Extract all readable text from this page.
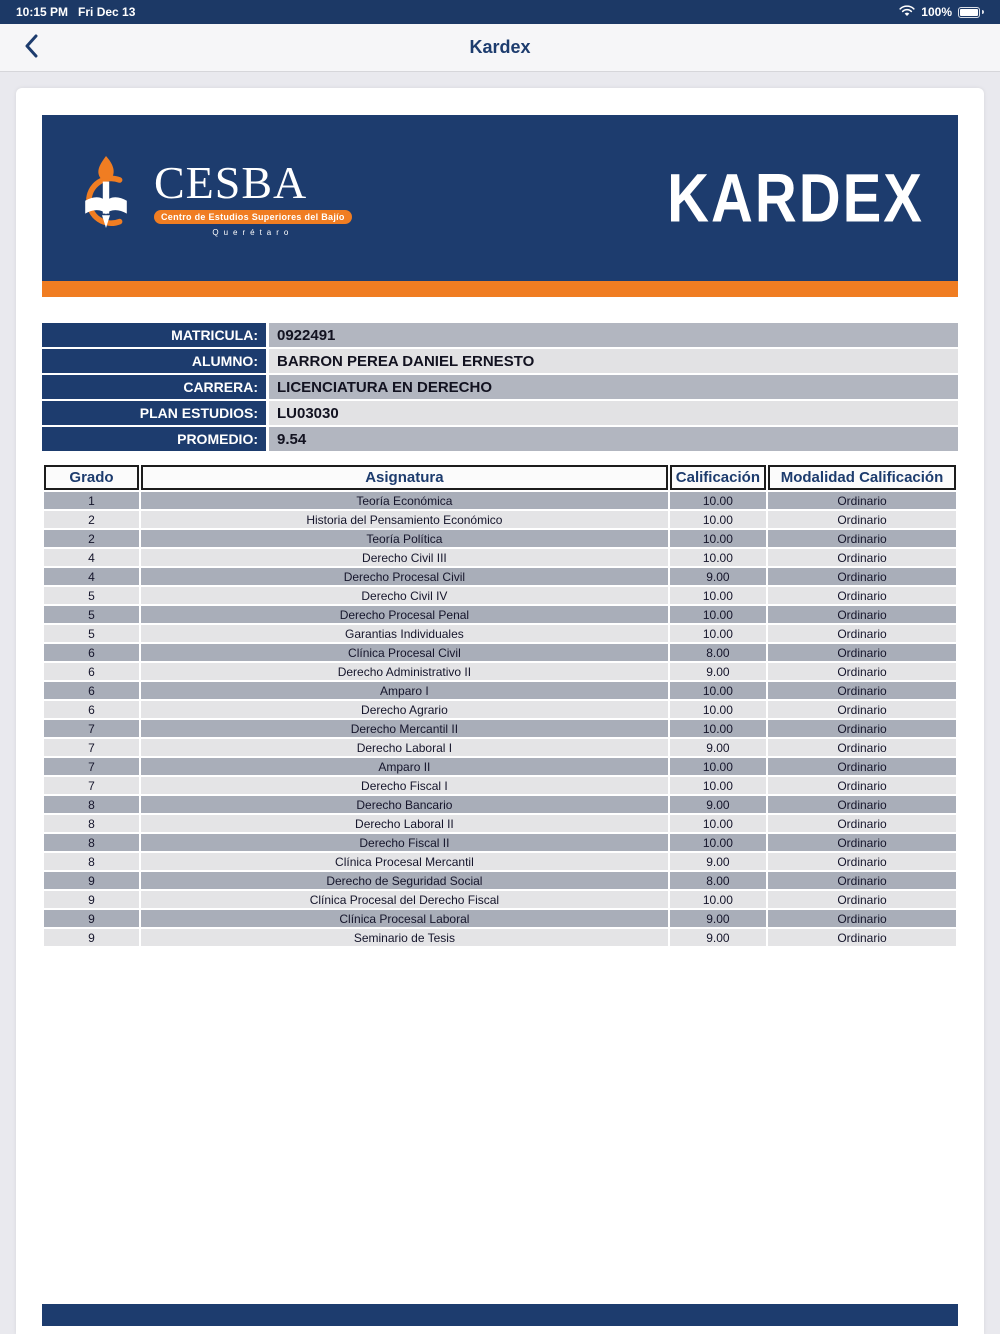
10:15 PM Fri Dec 13	100%
Kardex
CESBA
Centro de Estudios Superiores del Bajío
Querétaro	KARDEX
MATRICULA:	0922491
ALUMNO:	BARRON PEREA DANIEL ERNESTO
CARRERA:	LICENCIATURA EN DERECHO
PLAN ESTUDIOS:	LU03030
PROMEDIO:	9.54
Grado	Asignatura	Calificación	Modalidad Calificación
1	Teoría Económica	10.00	Ordinario
2	Historia del Pensamiento Económico	10.00	Ordinario
2	Teoría Política	10.00	Ordinario
4	Derecho Civil III	10.00	Ordinario
4	Derecho Procesal Civil	9.00	Ordinario
5	Derecho Civil IV	10.00	Ordinario
5	Derecho Procesal Penal	10.00	Ordinario
5	Garantias Individuales	10.00	Ordinario
6	Clínica Procesal Civil	8.00	Ordinario
6	Derecho Administrativo II	9.00	Ordinario
6	Amparo I	10.00	Ordinario
6	Derecho Agrario	10.00	Ordinario
7	Derecho Mercantil II	10.00	Ordinario
7	Derecho Laboral I	9.00	Ordinario
7	Amparo II	10.00	Ordinario
7	Derecho Fiscal I	10.00	Ordinario
8	Derecho Bancario	9.00	Ordinario
8	Derecho Laboral II	10.00	Ordinario
8	Derecho Fiscal II	10.00	Ordinario
8	Clínica Procesal Mercantil	9.00	Ordinario
9	Derecho de Seguridad Social	8.00	Ordinario
9	Clínica Procesal del Derecho Fiscal	10.00	Ordinario
9	Clínica Procesal Laboral	9.00	Ordinario
9	Seminario de Tesis	9.00	Ordinario
